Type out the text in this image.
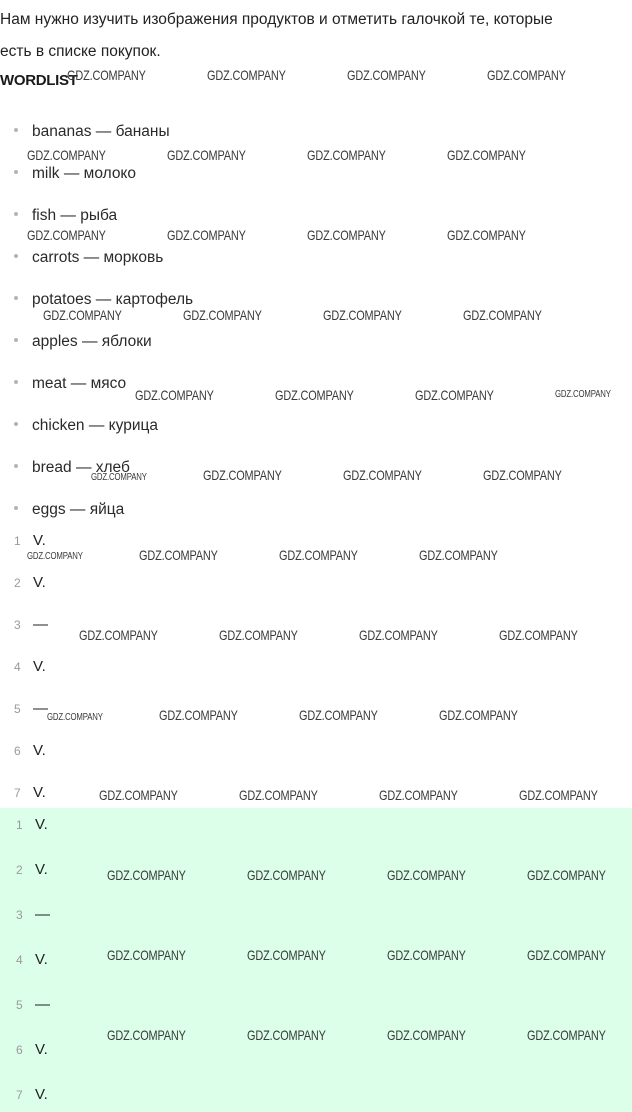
Нам нужно изучить изображения продуктов и отметить галочкой те, которые
есть в списке покупок.
WORDLIST
bananas — бананы
milk — молоко
fish — рыба
carrots — морковь
potatoes — картофель
apples — яблоки
meat — мясо
chicken — курица
bread — хлеб
eggs — яйца
1 V.
2 V.
3 —
4 V.
5 —
6 V.
7 V.
1 V.
2 V.
3 —
4 V.
5 —
6 V.
7 V.
GDZ.COMPANY	GDZ.COMPANY	GDZ.COMPANY	GDZ.COMPANY
GDZ.COMPANY	GDZ.COMPANY	GDZ.COMPANY	GDZ.COMPANY
GDZ.COMPANY	GDZ.COMPANY	GDZ.COMPANY	GDZ.COMPANY
GDZ.COMPANY	GDZ.COMPANY	GDZ.COMPANY	GDZ.COMPANY
GDZ.COMPANY	GDZ.COMPANY	GDZ.COMPANY	GDZ.COMPANY
GDZ.COMPANY	GDZ.COMPANY	GDZ.COMPANY	GDZ.COMPANY
GDZ.COMPANY	GDZ.COMPANY	GDZ.COMPANY	GDZ.COMPANY
GDZ.COMPANY	GDZ.COMPANY	GDZ.COMPANY	GDZ.COMPANY
GDZ.COMPANY	GDZ.COMPANY	GDZ.COMPANY	GDZ.COMPANY
GDZ.COMPANY	GDZ.COMPANY	GDZ.COMPANY	GDZ.COMPANY
GDZ.COMPANY	GDZ.COMPANY	GDZ.COMPANY	GDZ.COMPANY
GDZ.COMPANY	GDZ.COMPANY	GDZ.COMPANY	GDZ.COMPANY
GDZ.COMPANY	GDZ.COMPANY	GDZ.COMPANY	GDZ.COMPANY
